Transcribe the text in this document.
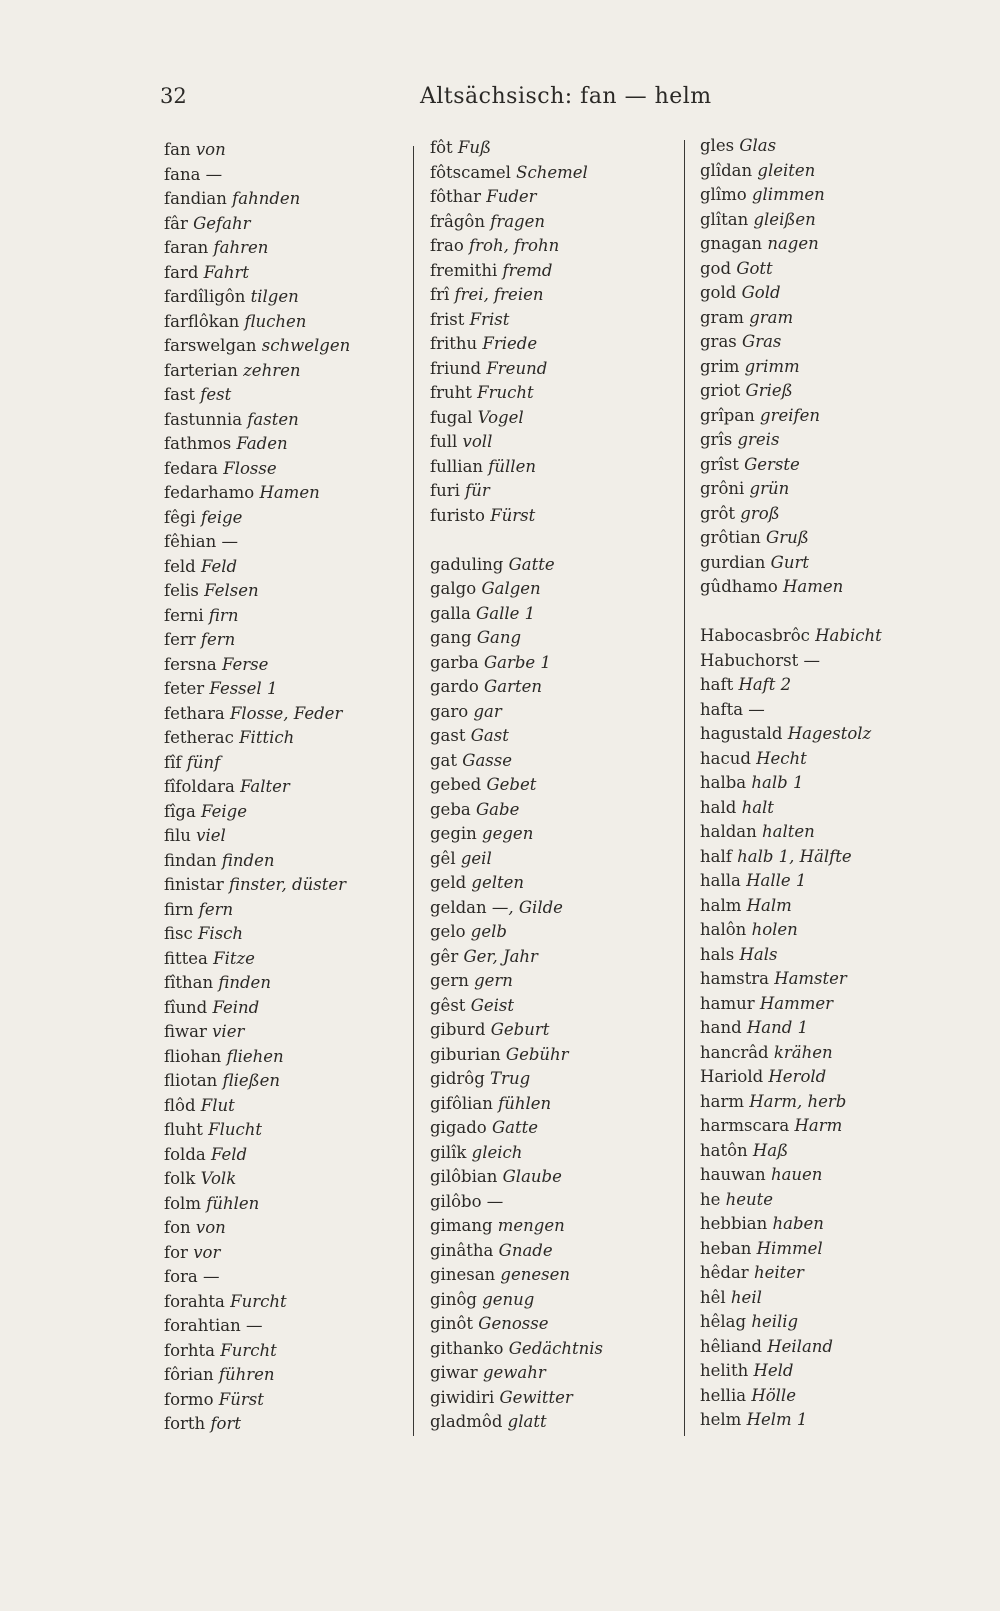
32	Altsächsisch: fan — helm
fan von
fana —
fandian fahnden
fâr Gefahr
faran fahren
fard Fahrt
fardîligôn tilgen
farflôkan fluchen
farswelgan schwelgen
farterian zehren
fast fest
fastunnia fasten
fathmos Faden
fedara Flosse
fedarhamo Hamen
fêgi feige
fêhian —
feld Feld
felis Felsen
ferni firn
ferr fern
fersna Ferse
feter Fessel 1
fethara Flosse, Feder
fetherac Fittich
fîf fünf
fîfoldara Falter
fîga Feige
filu viel
findan finden
finistar finster, düster
firn fern
fisc Fisch
fittea Fitze
fîthan finden
fîund Feind
fiwar vier
fliohan fliehen
fliotan fließen
flôd Flut
fluht Flucht
folda Feld
folk Volk
folm fühlen
fon von
for vor
fora —
forahta Furcht
forahtian —
forhta Furcht
fôrian führen
formo Fürst
forth fort
fôt Fuß
fôtscamel Schemel
fôthar Fuder
frâgôn fragen
frao froh, frohn
fremithi fremd
frî frei, freien
frist Frist
frithu Friede
friund Freund
fruht Frucht
fugal Vogel
full voll
fullian füllen
furi für
furisto Fürst
gaduling Gatte
galgo Galgen
galla Galle 1
gang Gang
garba Garbe 1
gardo Garten
garo gar
gast Gast
gat Gasse
gebed Gebet
geba Gabe
gegin gegen
gêl geil
geld gelten
geldan —, Gilde
gelo gelb
gêr Ger, Jahr
gern gern
gêst Geist
giburd Geburt
giburian Gebühr
gidrôg Trug
gifôlian fühlen
gigado Gatte
gilîk gleich
gilôbian Glaube
gilôbo —
gimang mengen
ginâtha Gnade
ginesan genesen
ginôg genug
ginôt Genosse
githanko Gedächtnis
giwar gewahr
giwidiri Gewitter
gladmôd glatt
gles Glas
glîdan gleiten
glîmo glimmen
glîtan gleißen
gnagan nagen
god Gott
gold Gold
gram gram
gras Gras
grim grimm
griot Grieß
grîpan greifen
grîs greis
grîst Gerste
grôni grün
grôt groß
grôtian Gruß
gurdian Gurt
gûdhamo Hamen
Habocasbrôc Habicht
Habuchorst —
haft Haft 2
hafta —
hagustald Hagestolz
hacud Hecht
halba halb 1
hald halt
haldan halten
half halb 1, Hälfte
halla Halle 1
halm Halm
halôn holen
hals Hals
hamstra Hamster
hamur Hammer
hand Hand 1
hancrâd krähen
Hariold Herold
harm Harm, herb
harmscara Harm
hatôn Haß
hauwan hauen
he heute
hebbian haben
heban Himmel
hêdar heiter
hêl heil
hêlag heilig
hêliand Heiland
helith Held
hellia Hölle
helm Helm 1
